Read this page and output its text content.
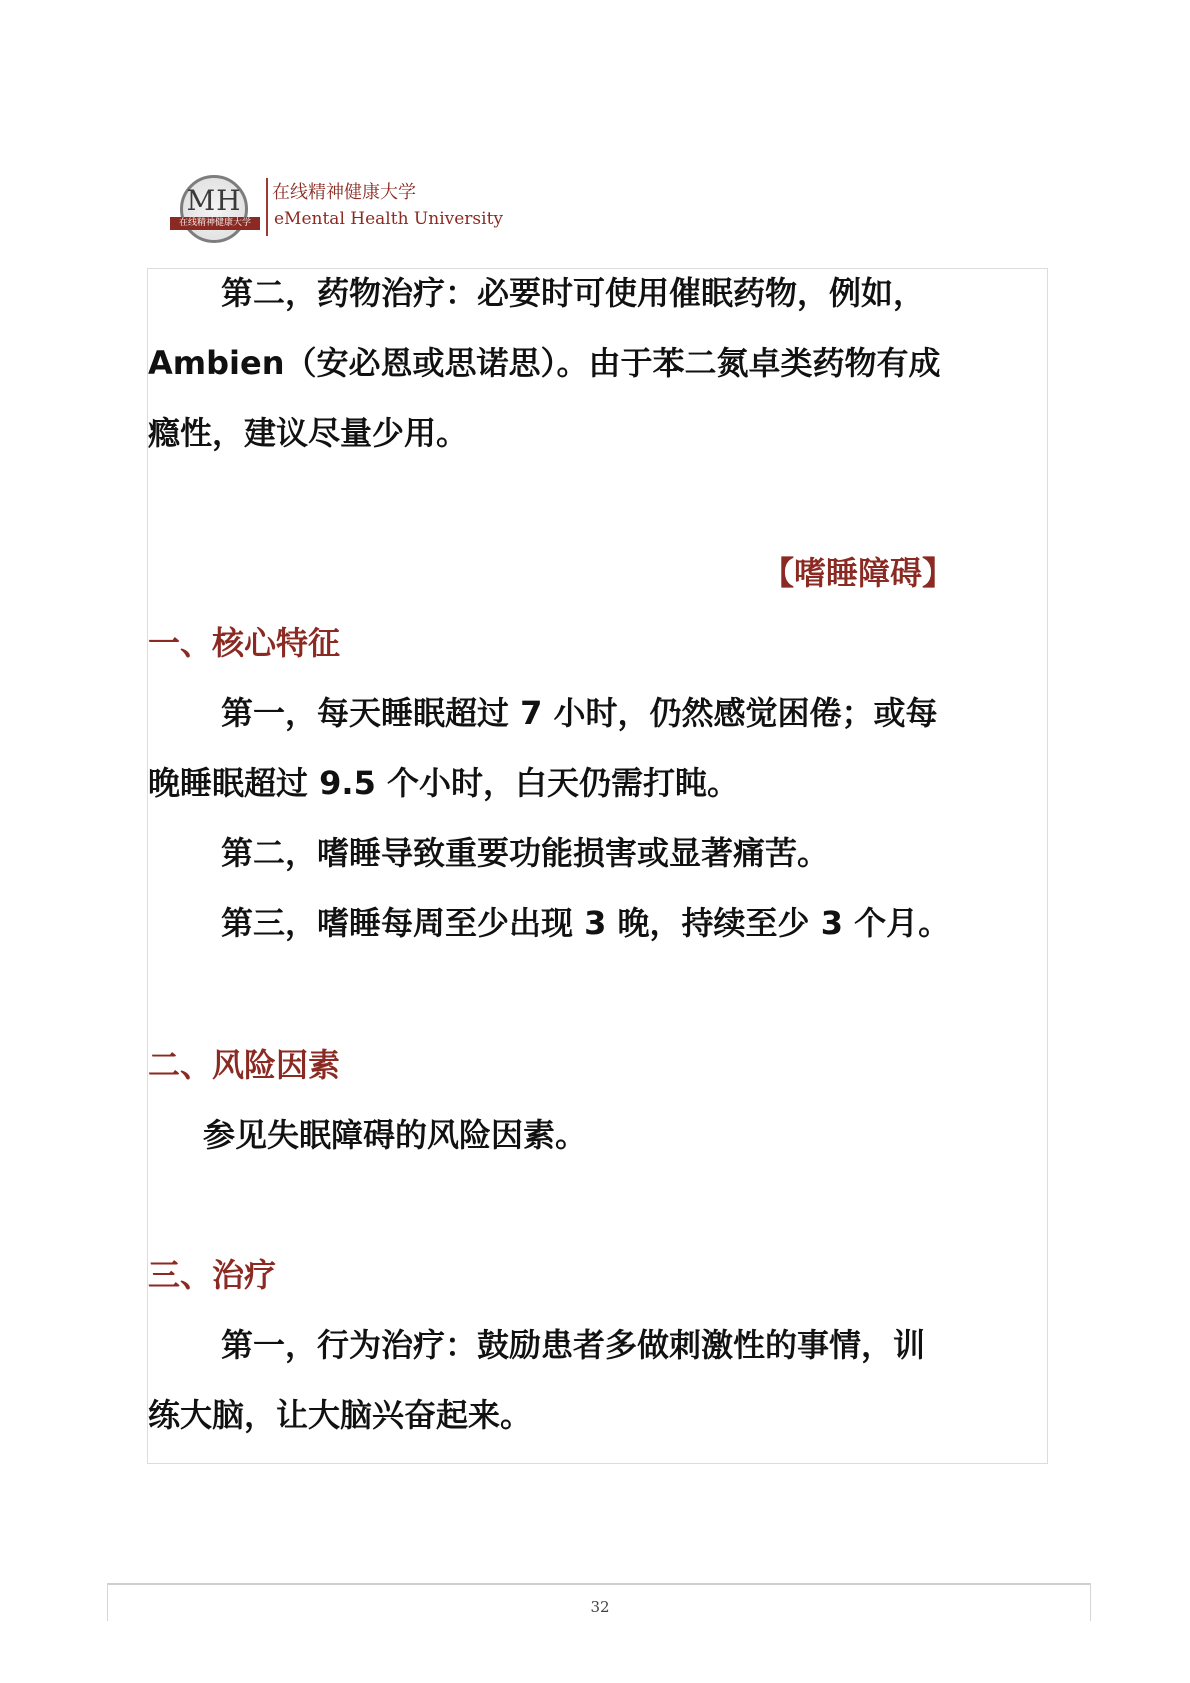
MH
在线精神健康大学
在线精神健康大学
eMental Health University
第二，药物治疗：必要时可使用催眠药物，例如，
Ambien（安必恩或思诺思）。由于苯二氮卓类药物有成
瘾性，建议尽量少用。
【嗜睡障碍】
一、核心特征
第一，每天睡眠超过 7 小时，仍然感觉困倦；或每
晚睡眠超过 9.5 个小时，白天仍需打盹。
第二，嗜睡导致重要功能损害或显著痛苦。
第三，嗜睡每周至少出现 3 晚，持续至少 3 个月。
二、风险因素
参见失眠障碍的风险因素。
三、治疗
第一，行为治疗：鼓励患者多做刺激性的事情，训
练大脑，让大脑兴奋起来。
32
